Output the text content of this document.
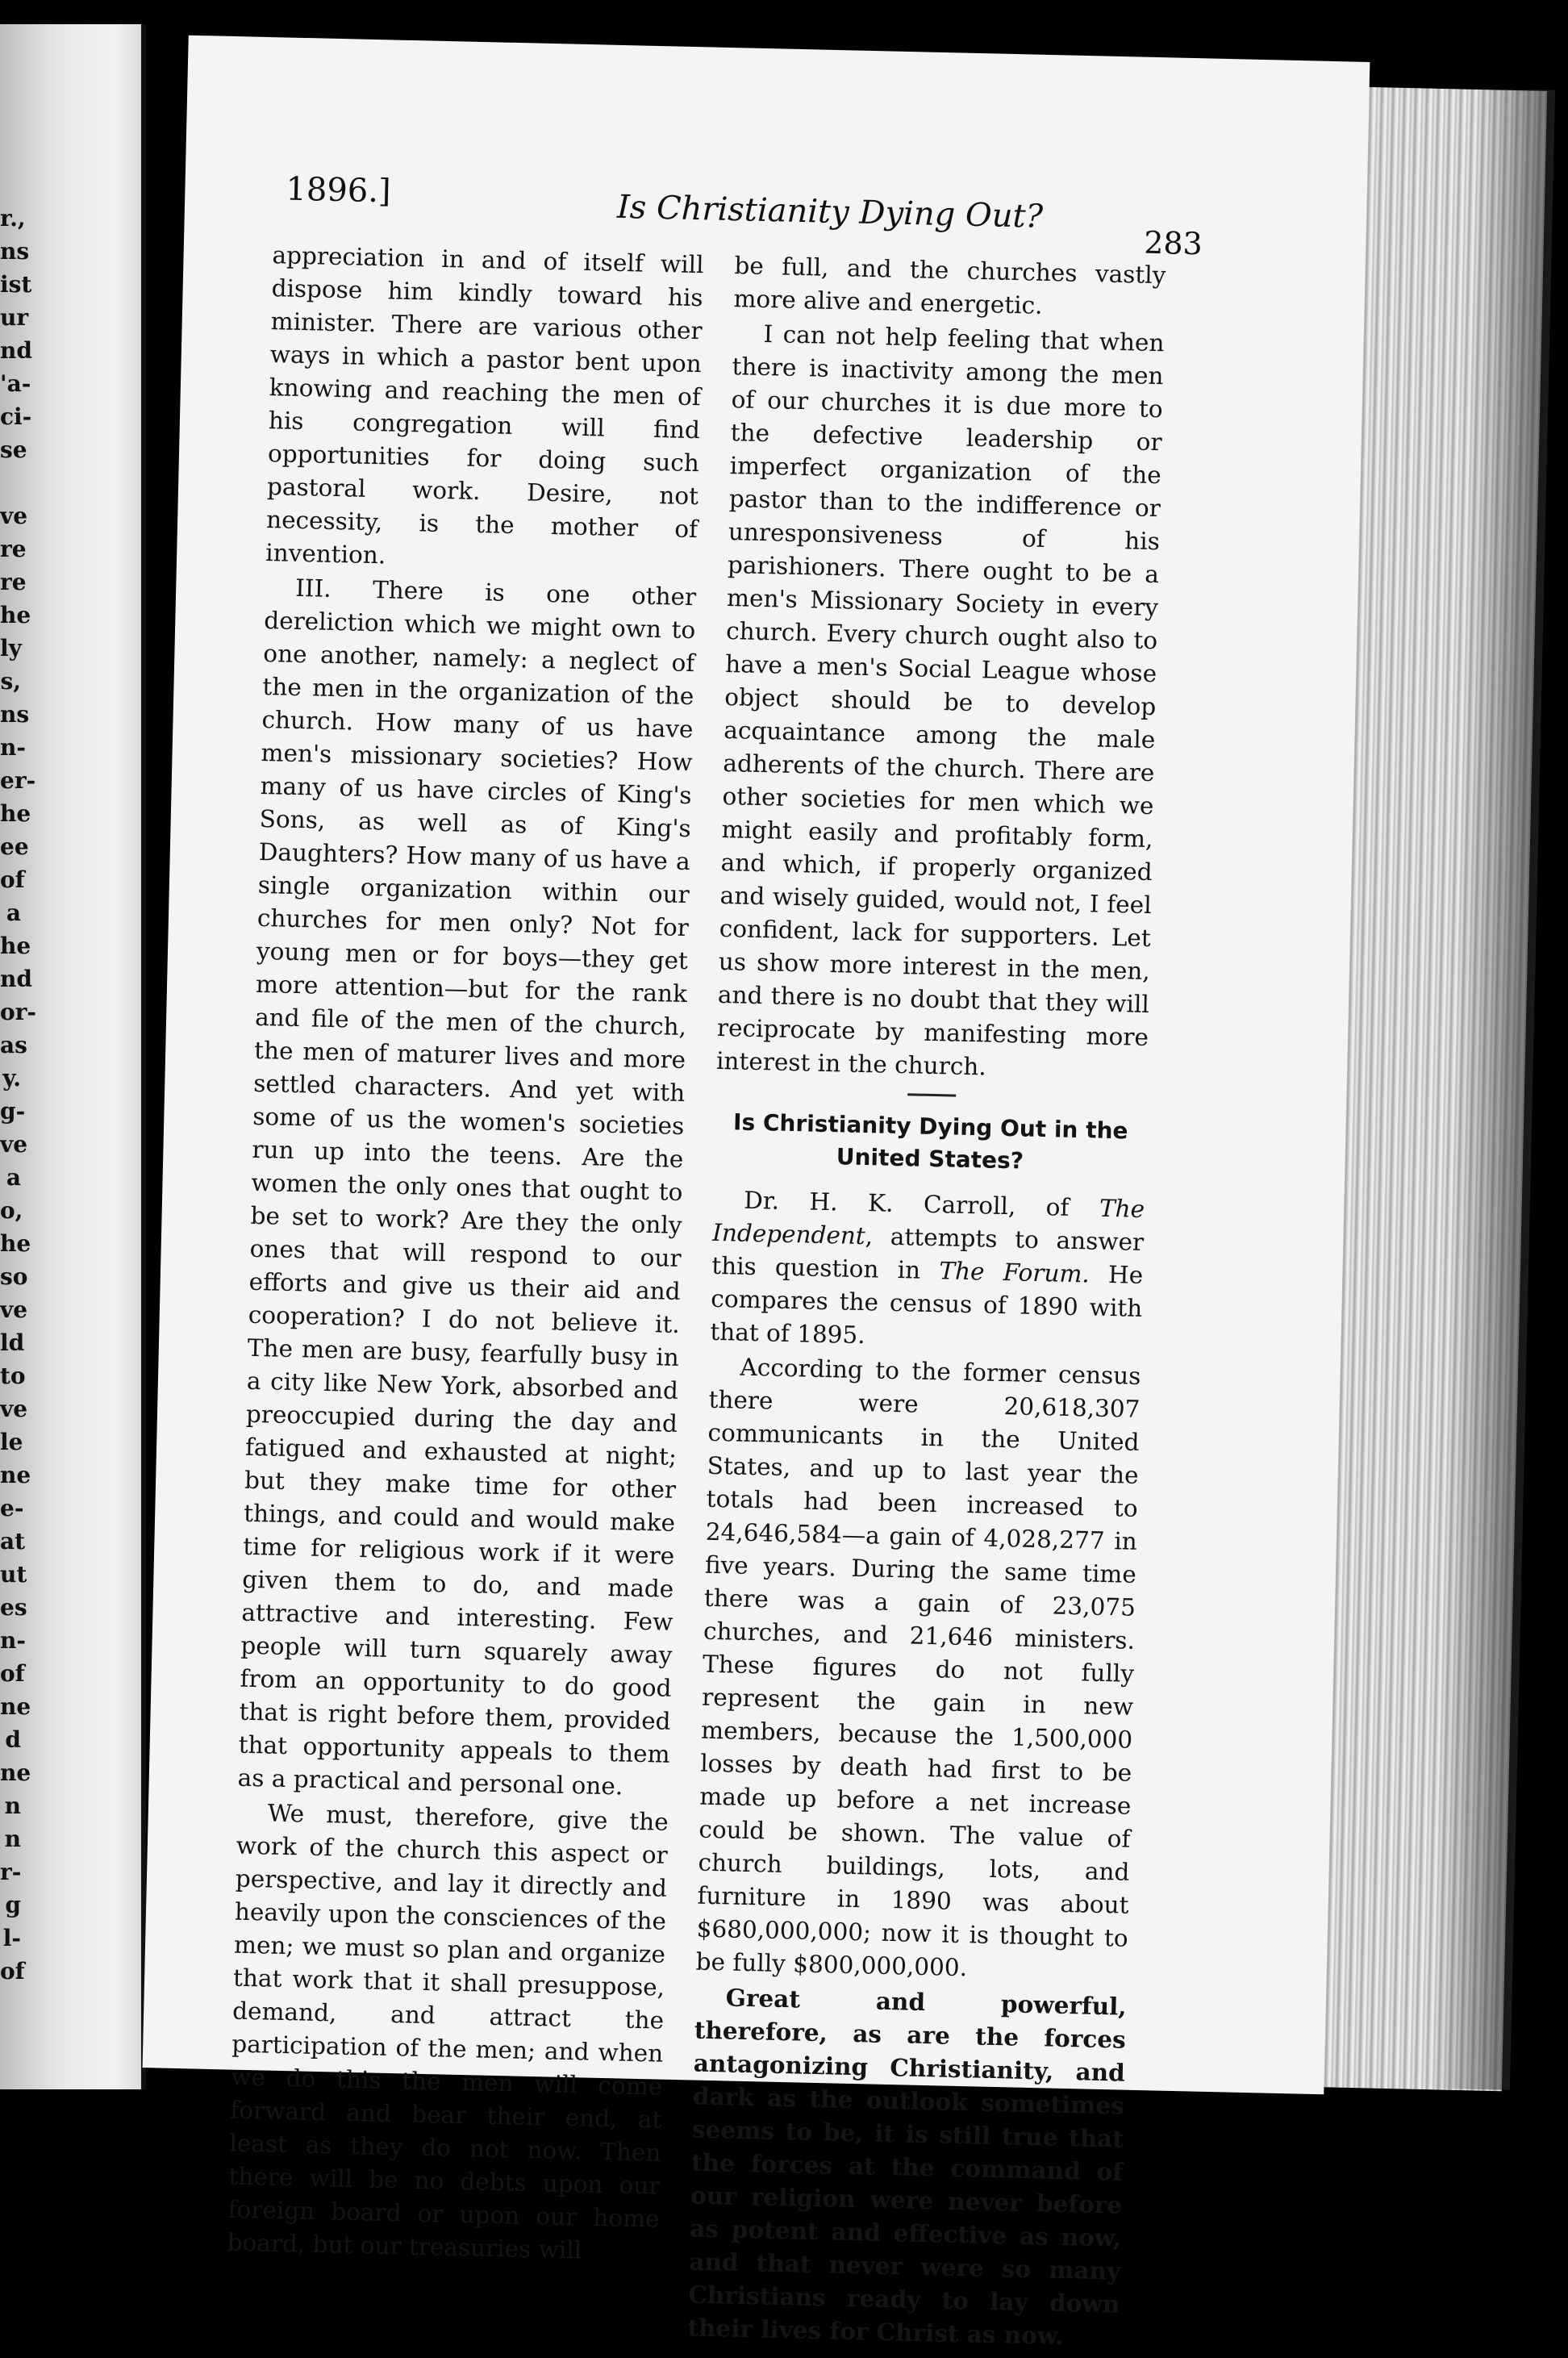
r.,
ns
ist
ur
nd
'a-
ci-
se
ve
re
re
he
ly
s,
ns
n-
er-
he
ee
of
a
he
nd
or-
as
y.
g-
ve
a
o,
he
so
ve
ld
to
ve
le
ne
e-
at
ut
es
n-
of
ne
d
ne
n
n
r-
g
l-
of
1896.]	Is Christianity Dying Out?
283

appreciation in and of itself will dispose him kindly toward his minister. There are various other ways in which a pastor bent upon knowing and reaching the men of his congregation will find opportunities for doing such pastoral work. Desire, not necessity, is the mother of invention.

III. There is one other dereliction which we might own to one another, namely: a neglect of the men in the organization of the church. How many of us have men's missionary societies? How many of us have circles of King's Sons, as well as of King's Daughters? How many of us have a single organization within our churches for men only? Not for young men or for boys—they get more attention—but for the rank and file of the men of the church, the men of maturer lives and more settled characters. And yet with some of us the women's societies run up into the teens. Are the women the only ones that ought to be set to work? Are they the only ones that will respond to our efforts and give us their aid and cooperation? I do not believe it. The men are busy, fearfully busy in a city like New York, absorbed and preoccupied during the day and fatigued and exhausted at night; but they make time for other things, and could and would make time for religious work if it were given them to do, and made attractive and interesting. Few people will turn squarely away from an opportunity to do good that is right before them, provided that opportunity appeals to them as a practical and personal one.

We must, therefore, give the work of the church this aspect or perspective, and lay it directly and heavily upon the consciences of the men; we must so plan and organize that work that it shall presuppose, demand, and attract the participation of the men; and when we do this the men will come forward and bear their end, at least as they do not now. Then there will be no debts upon our foreign board or upon our home board, but our treasuries will

be full, and the churches vastly more alive and energetic.

I can not help feeling that when there is inactivity among the men of our churches it is due more to the defective leadership or imperfect organization of the pastor than to the indifference or unresponsiveness of his parishioners. There ought to be a men's Missionary Society in every church. Every church ought also to have a men's Social League whose object should be to develop acquaintance among the male adherents of the church. There are other societies for men which we might easily and profitably form, and which, if properly organized and wisely guided, would not, I feel confident, lack for supporters. Let us show more interest in the men, and there is no doubt that they will reciprocate by manifesting more interest in the church.

Is Christianity Dying Out in the
United States?

Dr. H. K. Carroll, of The Independent, attempts to answer this question in The Forum. He compares the census of 1890 with that of 1895.

According to the former census there were 20,618,307 communicants in the United States, and up to last year the totals had been increased to 24,646,584—a gain of 4,028,277 in five years. During the same time there was a gain of 23,075 churches, and 21,646 ministers. These figures do not fully represent the gain in new members, because the 1,500,000 losses by death had first to be made up before a net increase could be shown. The value of church buildings, lots, and furniture in 1890 was about $680,000,000; now it is thought to be fully $800,000,000.

Great and powerful, therefore, as are the forces antagonizing Christianity, and dark as the outlook sometimes seems to be, it is still true that the forces at the command of our religion were never before as potent and effective as now, and that never were so many Christians ready to lay down their lives for Christ as now.
